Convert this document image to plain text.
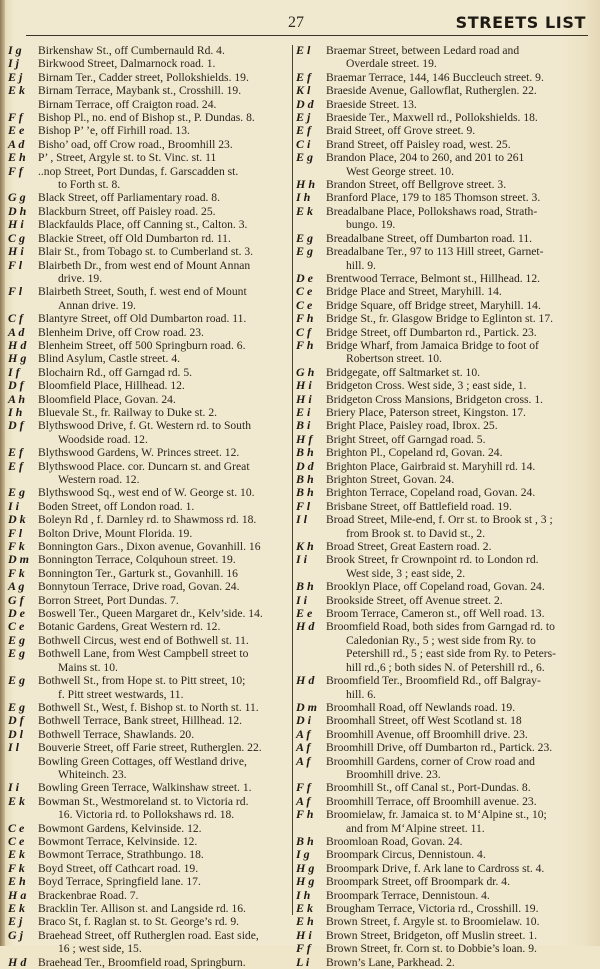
27	STREETS LIST
I g	Birkenshaw St., off Cumbernauld Rd. 4.
I j	Birkwood Street, Dalmarnock road. 1.
E j	Birnam Ter., Cadder street, Pollokshields. 19.
E k	Birnam Terrace, Maybank st., Crosshill. 19.
Birnam Terrace, off Craigton road. 24.
F f	Bishop Pl., no. end of Bishop st., P. Dundas. 8.
E e	Bishop P’ ’e, off Firhill road. 13.
A d	Bisho’ oad, off Crow road., Broomhill 23.
E h	P’ , Street, Argyle st. to St. Vinc. st. 11
F f	..nop Street, Port Dundas, f. Garscadden st.
to Forth st. 8.
G g	Black Street, off Parliamentary road. 8.
D h	Blackburn Street, off Paisley road. 25.
H i	Blackfaulds Place, off Canning st., Calton. 3.
C g	Blackie Street, off Old Dumbarton rd. 11.
H i	Blair St., from Tobago st. to Cumberland st. 3.
F l	Blairbeth Dr., from west end of Mount Annan
drive. 19.
F l	Blairbeth Street, South, f. west end of Mount
Annan drive. 19.
C f	Blantyre Street, off Old Dumbarton road. 11.
A d	Blenheim Drive, off Crow road. 23.
H d	Blenheim Street, off 500 Springburn road. 6.
H g	Blind Asylum, Castle street. 4.
I f	Blochairn Rd., off Garngad rd. 5.
D f	Bloomfield Place, Hillhead. 12.
A h	Bloomfield Place, Govan. 24.
I h	Bluevale St., fr. Railway to Duke st. 2.
D f	Blythswood Drive, f. Gt. Western rd. to South
Woodside road. 12.
E f	Blythswood Gardens, W. Princes street. 12.
E f	Blythswood Place. cor. Duncarn st. and Great
Western road. 12.
E g	Blythswood Sq., west end of W. George st. 10.
I i	Boden Street, off London road. 1.
D k	Boleyn Rd , f. Darnley rd. to Shawmoss rd. 18.
F l	Bolton Drive, Mount Florida. 19.
F k	Bonnington Gars., Dixon avenue, Govanhill. 16
D m Bonnington Terrace, Colquhoun street. 19.
F k	Bonnington Ter., Garturk st., Govanhill. 16
A g	Bonnytoun Terrace, Drive road, Govan. 24.
G f	Borron Street, Port Dundas. 7.
D e	Boswell Ter., Queen Margaret dr., Kelv’side. 14.
C e	Botanic Gardens, Great Western rd. 12.
E g	Bothwell Circus, west end of Bothwell st. 11.
E g	Bothwell Lane, from West Campbell street to
Mains st. 10.
E g	Bothwell St., from Hope st. to Pitt street, 10;
f. Pitt street westwards, 11.
E g	Bothwell St., West, f. Bishop st. to North st. 11.
D f	Bothwell Terrace, Bank street, Hillhead. 12.
D l	Bothwell Terrace, Shawlands. 20.
I l	Bouverie Street, off Farie street, Rutherglen. 22.
Bowling Green Cottages, off Westland drive,
Whiteinch. 23.
I i	Bowling Green Terrace, Walkinshaw street. 1.
E k	Bowman St., Westmoreland st. to Victoria rd.
16. Victoria rd. to Pollokshaws rd. 18.
C e	Bowmont Gardens, Kelvinside. 12.
C e	Bowmont Terrace, Kelvinside. 12.
E k	Bowmont Terrace, Strathbungo. 18.
F k	Boyd Street, off Cathcart road. 19.
E h	Boyd Terrace, Springfield lane. 17.
H a	Brackenbrae Road. 7.
E k	Bracklin Ter. Allison st. and Langside rd. 16.
E j	Braco St, f. Raglan st. to St. George’s rd. 9.
G j	Braehead Street, off Rutherglen road. East side,
16 ; west side, 15.
H d	Braehead Ter., Broomfield road, Springburn.
E l	Braemar Street, between Ledard road and
Overdale street. 19.
E f	Braemar Terrace, 144, 146 Buccleuch street. 9.
K l	Braeside Avenue, Gallowflat, Rutherglen. 22.
D d	Braeside Street. 13.
E j	Braeside Ter., Maxwell rd., Pollokshields. 18.
E f	Braid Street, off Grove street. 9.
C i	Brand Street, off Paisley road, west. 25.
E g	Brandon Place, 204 to 260, and 201 to 261
West George street. 10.
H h Brandon Street, off Bellgrove street. 3.
I h	Branford Place, 179 to 185 Thomson street. 3.
E k	Breadalbane Place, Pollokshaws road, Strath-
bungo. 19.
E g	Breadalbane Street, off Dumbarton road. 11.
E g	Breadalbane Ter., 97 to 113 Hill street, Garnet-
hill. 9.
D e	Brentwood Terrace, Belmont st., Hillhead. 12.
C e	Bridge Place and Street, Maryhill. 14.
C e	Bridge Square, off Bridge street, Maryhill. 14.
F h	Bridge St., fr. Glasgow Bridge to Eglinton st. 17.
C f	Bridge Street, off Dumbarton rd., Partick. 23.
F h	Bridge Wharf, from Jamaica Bridge to foot of
Robertson street. 10.
G h	Bridgegate, off Saltmarket st. 10.
H i	Bridgeton Cross. West side, 3 ; east side, 1.
H i	Bridgeton Cross Mansions, Bridgeton cross. 1.
E i	Briery Place, Paterson street, Kingston. 17.
B i	Bright Place, Paisley road, Ibrox. 25.
H f	Bright Street, off Garngad road. 5.
B h	Brighton Pl., Copeland rd, Govan. 24.
D d	Brighton Place, Gairbraid st. Maryhill rd. 14.
B h	Brighton Street, Govan. 24.
B h	Brighton Terrace, Copeland road, Govan. 24.
F l	Brisbane Street, off Battlefield road. 19.
I l	Broad Street, Mile-end, f. Orr st. to Brook st , 3 ;
from Brook st. to David st., 2.
K h	Broad Street, Great Eastern road. 2.
I i	Brook Street, fr Crownpoint rd. to London rd.
West side, 3 ; east side, 2.
B h	Brooklyn Place, off Copeland road, Govan. 24.
I i	Brookside Street, off Avenue street. 2.
E e	Broom Terrace, Cameron st., off Well road. 13.
H d	Broomfield Road, both sides from Garngad rd. to
Caledonian Ry., 5 ; west side from Ry. to
Petershill rd., 5 ; east side from Ry. to Peters-
hill rd.,6 ; both sides N. of Petershill rd., 6.
H d	Broomfield Ter., Broomfield Rd., off Balgray-
hill. 6.
D m Broomhall Road, off Newlands road. 19.
D i	Broomhall Street, off West Scotland st. 18
A f	Broomhill Avenue, off Broomhill drive. 23.
A f	Broomhill Drive, off Dumbarton rd., Partick. 23.
A f	Broomhill Gardens, corner of Crow road and
Broomhill drive. 23.
F f	Broomhill St., off Canal st., Port-Dundas. 8.
A f	Broomhill Terrace, off Broomhill avenue. 23.
F h	Broomielaw, fr. Jamaica st. to M‘Alpine st., 10;
and from M‘Alpine street. 11.
B h	Broomloan Road, Govan. 24.
I g	Broompark Circus, Dennistoun. 4.
H g	Broompark Drive, f. Ark lane to Cardross st. 4.
H g	Broompark Street, off Broompark dr. 4.
I h	Broompark Terrace, Dennistoun. 4.
E k	Brougham Terrace, Victoria rd., Crosshill. 19.
E h	Brown Street, f. Argyle st. to Broomielaw. 10.
H i	Brown Street, Bridgeton, off Muslin street. 1.
F f	Brown Street, fr. Corn st. to Dobbie’s loan. 9.
L i	Brown’s Lane, Parkhead. 2.
